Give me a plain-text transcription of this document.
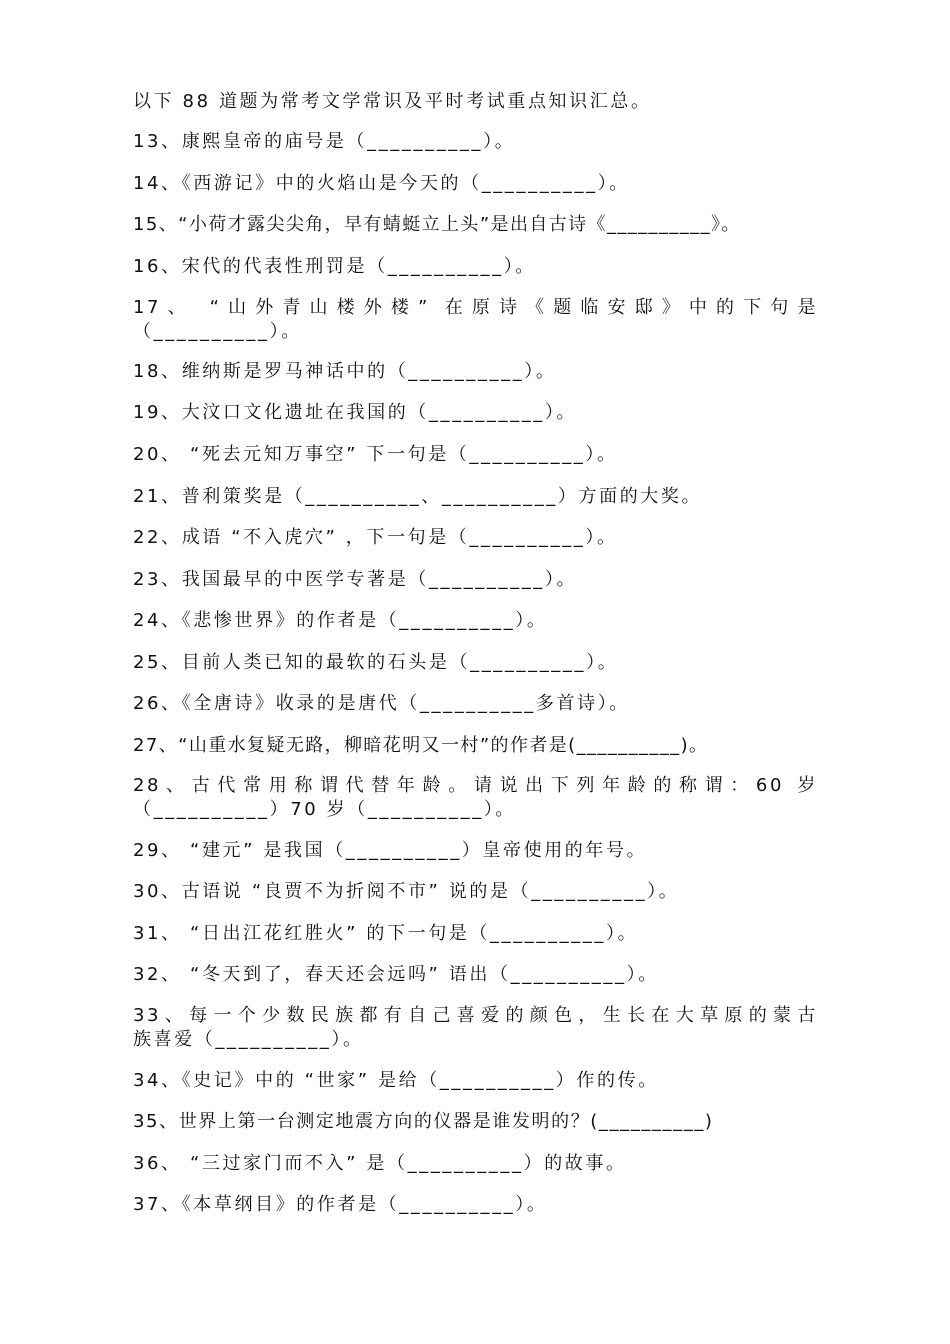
以下 88 道题为常考文学常识及平时考试重点知识汇总。
13、康熙皇帝的庙号是（__________）。
14、《西游记》中的火焰山是今天的（__________）。
15、“小荷才露尖尖角，早有蜻蜓立上头”是出自古诗《__________》。
16、宋代的代表性刑罚是（__________）。
17、 “山外青山楼外楼” 在原诗《题临安邸》中的下句是
（__________）。
18、维纳斯是罗马神话中的（__________）。
19、大汶口文化遗址在我国的（__________）。
20、 “死去元知万事空” 下一句是（__________）。
21、普利策奖是（__________、__________）方面的大奖。
22、成语 “不入虎穴” ，下一句是（__________）。
23、我国最早的中医学专著是（__________）。
24、《悲惨世界》的作者是（__________）。
25、目前人类已知的最软的石头是（__________）。
26、《全唐诗》收录的是唐代（__________多首诗）。
27、“山重水复疑无路，柳暗花明又一村”的作者是(__________)。
28、古代常用称谓代替年龄。请说出下列年龄的称谓：60 岁
（__________）70 岁（__________）。
29、 “建元” 是我国（__________）皇帝使用的年号。
30、古语说 “良贾不为折阅不市” 说的是（__________）。
31、 “日出江花红胜火” 的下一句是（__________）。
32、 “冬天到了，春天还会远吗” 语出（__________）。
33、每一个少数民族都有自己喜爱的颜色，生长在大草原的蒙古
族喜爱（__________）。
34、《史记》中的 “世家” 是给（__________）作的传。
35、世界上第一台测定地震方向的仪器是谁发明的？(__________)
36、 “三过家门而不入” 是（__________）的故事。
37、《本草纲目》的作者是（__________）。
